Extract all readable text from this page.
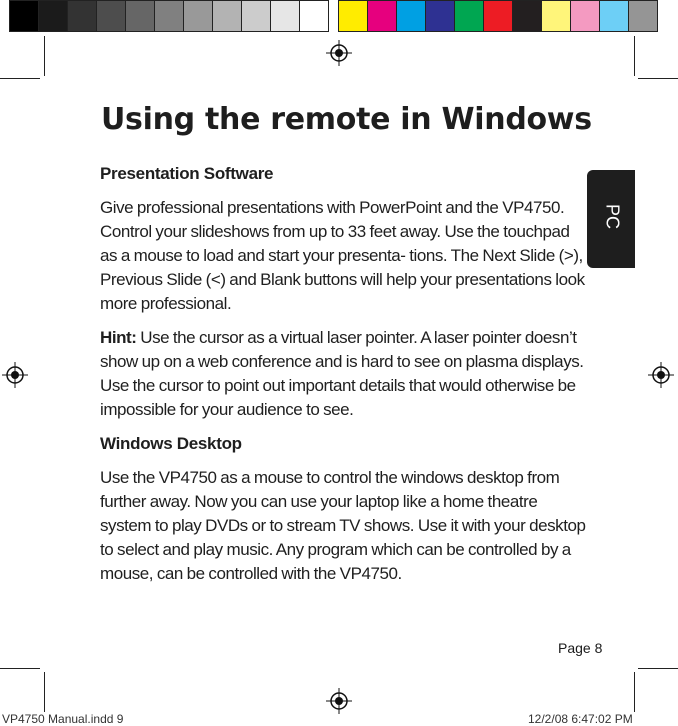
Using the remote in Windows
PC
Presentation Software

Give professional presentations with PowerPoint and the VP4750. Control your slideshows from up to 33 feet away. Use the touchpad as a mouse to load and start your presenta- tions. The Next Slide (>), Previous Slide (<) and Blank buttons will help your presentations look more professional.

Hint: Use the cursor as a virtual laser pointer. A laser pointer doesn’t show up on a web conference and is hard to see on plasma displays. Use the cursor to point out important details that would otherwise be impossible for your audience to see.

Windows Desktop

Use the VP4750 as a mouse to control the windows desktop from further away. Now you can use your laptop like a home theatre system to play DVDs or to stream TV shows. Use it with your desktop to select and play music. Any program which can be controlled by a mouse, can be controlled with the VP4750.

Page 8
VP4750 Manual.indd 9	12/2/08 6:47:02 PM
